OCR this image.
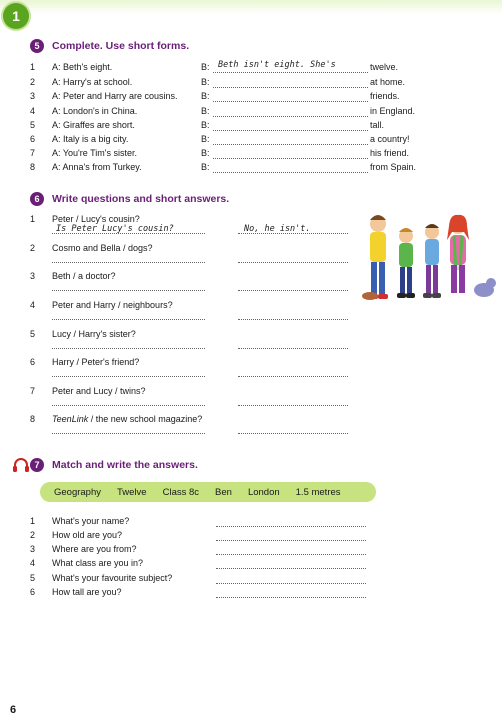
1
5	Complete. Use short forms.
1	A: Beth's eight.	B: Beth isn't eight. She's	twelve.
2	A: Harry's at school.	B:	at home.
3	A: Peter and Harry are cousins.	B:	friends.
4	A: London's in China.	B:	in England.
5	A: Giraffes are short.	B:	tall.
6	A: Italy is a big city.	B:	a country!
7	A: You're Tim's sister.	B:	his friend.
8	A: Anna's from Turkey.	B:	from Spain.
6	Write questions and short answers.
1 Peter / Lucy's cousin?
Is Peter Lucy's cousin?	No, he isn't.
2 Cosmo and Bella / dogs?
3 Beth / a doctor?
4 Peter and Harry / neighbours?
5 Lucy / Harry's sister?
6 Harry / Peter's friend?
7 Peter and Lucy / twins?
8 TeenLink / the new school magazine?
7	Match and write the answers.
Geography Twelve Class 8c Ben London 1.5 metres
1 What's your name?
2 How old are you?
3 Where are you from?
4 What class are you in?
5 What's your favourite subject?
6 How tall are you?
6
